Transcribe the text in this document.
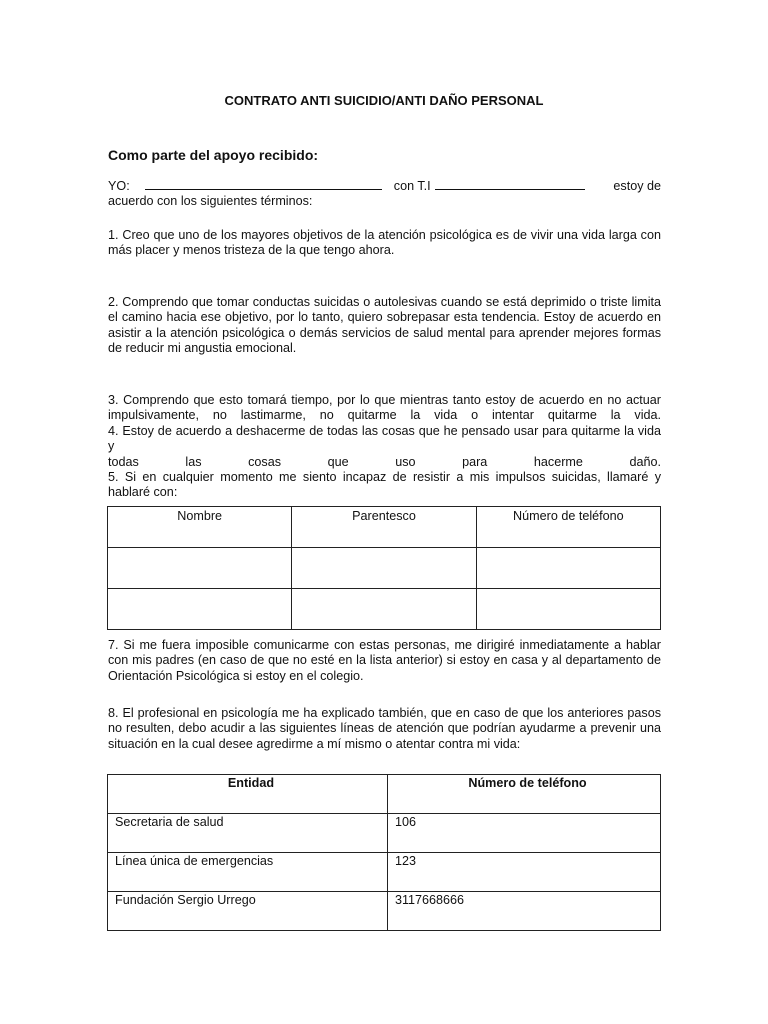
CONTRATO ANTI SUICIDIO/ANTI DAÑO PERSONAL
Como parte del apoyo recibido:
YO:	con T.I	estoy de
acuerdo con los siguientes términos:
1. Creo que uno de los mayores objetivos de la atención psicológica es de vivir una vida larga con más placer y menos tristeza de la que tengo ahora.
2. Comprendo que tomar conductas suicidas o autolesivas cuando se está deprimido o triste limita el camino hacia ese objetivo, por lo tanto, quiero sobrepasar esta tendencia. Estoy de acuerdo en asistir a la atención psicológica o demás servicios de salud mental para aprender mejores formas de reducir mi angustia emocional.
3. Comprendo que esto tomará tiempo, por lo que mientras tanto estoy de acuerdo en no actuar
impulsivamente, no lastimarme, no quitarme la vida o intentar quitarme la vida.
4. Estoy de acuerdo a deshacerme de todas las cosas que he pensado usar para quitarme la vida y
todas las cosas que uso para hacerme daño.
5. Si en cualquier momento me siento incapaz de resistir a mis impulsos suicidas, llamaré y hablaré con:
Nombre	Parentesco	Número de teléfono

7. Si me fuera imposible comunicarme con estas personas, me dirigiré inmediatamente a hablar con mis padres (en caso de que no esté en la lista anterior) si estoy en casa y al departamento de Orientación Psicológica si estoy en el colegio.
8. El profesional en psicología me ha explicado también, que en caso de que los anteriores pasos no resulten, debo acudir a las siguientes líneas de atención que podrían ayudarme a prevenir una situación en la cual desee agredirme a mí mismo o atentar contra mi vida:
Entidad	Número de teléfono
Secretaria de salud	106
Línea única de emergencias	123
Fundación Sergio Urrego	3117668666
